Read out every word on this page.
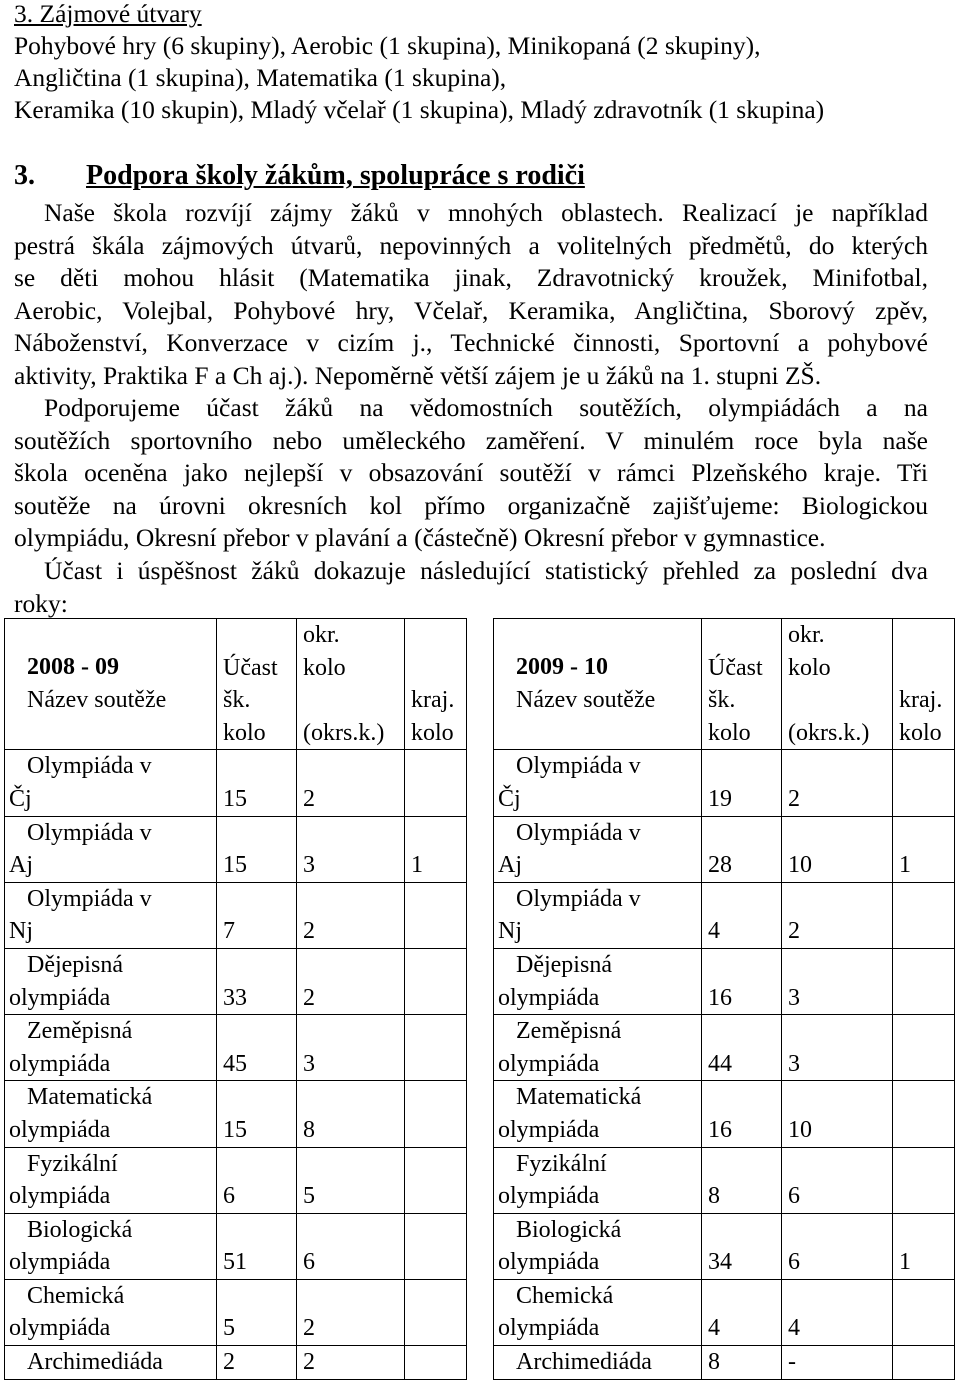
3. Zájmové útvary
Pohybové hry (6 skupiny), Aerobic (1 skupina), Minikopaná (2 skupiny),
Angličtina (1 skupina), Matematika (1 skupina),
Keramika (10 skupin), Mladý včelař (1 skupina), Mladý zdravotník (1 skupina)
3. Podpora školy žákům, spolupráce s rodiči
Naše škola rozvíjí zájmy žáků v mnohých oblastech. Realizací je například
pestrá škála zájmových útvarů, nepovinných a volitelných předmětů, do kterých
se děti mohou hlásit (Matematika jinak, Zdravotnický kroužek, Minifotbal,
Aerobic, Volejbal, Pohybové hry, Včelař, Keramika, Angličtina, Sborový zpěv,
Náboženství, Konverzace v cizím j., Technické činnosti, Sportovní a pohybové
aktivity, Praktika F a Ch aj.). Nepoměrně větší zájem je u žáků na 1. stupni ZŠ.
Podporujeme účast žáků na vědomostních soutěžích, olympiádách a na
soutěžích sportovního nebo uměleckého zaměření. V minulém roce byla naše
škola oceněna jako nejlepší v obsazování soutěží v rámci Plzeňského kraje. Tři
soutěže na úrovni okresních kol přímo organizačně zajišťujeme: Biologickou
olympiádu, Okresní přebor v plavání a (částečně) Okresní přebor v gymnastice.
Účast i úspěšnost žáků dokazuje následující statistický přehled za poslední dva
roky:
2008 - 09
Název soutěže	Účast
šk.
kolo	okr.
kolo
(okrs.k.)	kraj.
kolo

Olympiáda v
Čj	15	2	

Olympiáda v
Aj	15	3	1

Olympiáda v
Nj	7	2	

Dějepisná
olympiáda	33	2	

Zeměpisná
olympiáda	45	3	

Matematická
olympiáda	15	8	

Fyzikální
olympiáda	6	5	

Biologická
olympiáda	51	6	

Chemická
olympiáda	5	2	

Archimediáda	2	2	
2009 - 10
Název soutěže	Účast
šk.
kolo	okr.
kolo
(okrs.k.)	kraj.
kolo

Olympiáda v
Čj	19	2	

Olympiáda v
Aj	28	10	1

Olympiáda v
Nj	4	2	

Dějepisná
olympiáda	16	3	

Zeměpisná
olympiáda	44	3	

Matematická
olympiáda	16	10	

Fyzikální
olympiáda	8	6	

Biologická
olympiáda	34	6	1

Chemická
olympiáda	4	4	

Archimediáda	8	-	
